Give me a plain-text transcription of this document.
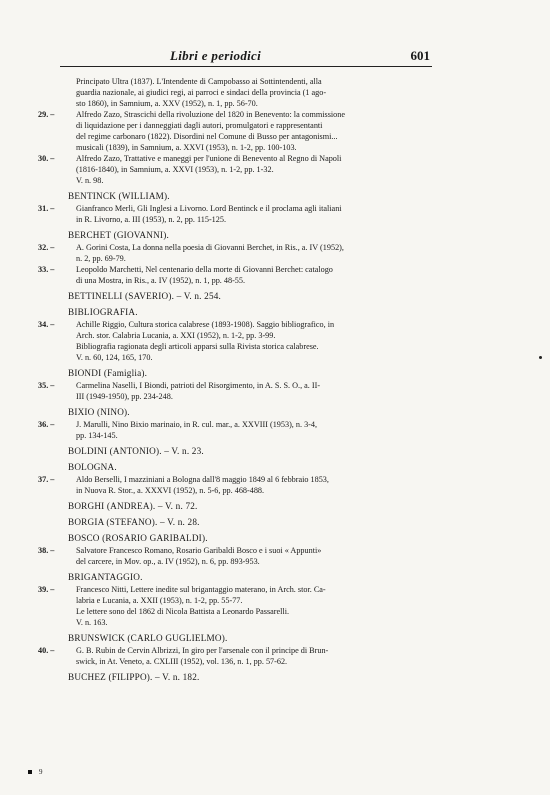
Libri e periodici	601
Principato Ultra (1837). L'Intendente di Campobasso ai Sottintendenti, alla
guardia nazionale, ai giudici regi, ai parroci e sindaci della provincia (1 ago-
sto 1860), in Samnium, a. XXV (1952), n. 1, pp. 56-70.
29. –	Alfredo Zazo, Strascichi della rivoluzione del 1820 in Benevento: la commissione
di liquidazione per i danneggiati dagli autori, promulgatori e rappresentanti
del regime carbonaro (1822). Disordini nel Comune di Busso per antagonismi...
musicali (1839), in Samnium, a. XXVI (1953), n. 1-2, pp. 100-103.
30. –	Alfredo Zazo, Trattative e maneggi per l'unione di Benevento al Regno di Napoli
(1816-1840), in Samnium, a. XXVI (1953), n. 1-2, pp. 1-32.
V. n. 98.
BENTINCK (WILLIAM).
31. –	Gianfranco Merli, Gli Inglesi a Livorno. Lord Bentinck e il proclama agli italiani
in R. Livorno, a. III (1953), n. 2, pp. 115-125.
BERCHET (GIOVANNI).
32. –	A. Gorini Costa, La donna nella poesia di Giovanni Berchet, in Ris., a. IV (1952),
n. 2, pp. 69-79.
33. –	Leopoldo Marchetti, Nel centenario della morte di Giovanni Berchet: catalogo
di una Mostra, in Ris., a. IV (1952), n. 1, pp. 48-55.
BETTINELLI (SAVERIO). – V. n. 254.
BIBLIOGRAFIA.
34. –	Achille Riggio, Cultura storica calabrese (1893-1908). Saggio bibliografico, in
Arch. stor. Calabria Lucania, a. XXI (1952), n. 1-2, pp. 3-99.
Bibliografia ragionata degli articoli apparsi sulla Rivista storica calabrese.
V. n. 60, 124, 165, 170.
BIONDI (Famiglia).
35. –	Carmelina Naselli, I Biondi, patrioti del Risorgimento, in A. S. S. O., a. II-
III (1949-1950), pp. 234-248.
BIXIO (NINO).
36. –	J. Marulli, Nino Bixio marinaio, in R. cul. mar., a. XXVIII (1953), n. 3-4,
pp. 134-145.
BOLDINI (ANTONIO). – V. n. 23.
BOLOGNA.
37. –	Aldo Berselli, I mazziniani a Bologna dall'8 maggio 1849 al 6 febbraio 1853,
in Nuova R. Stor., a. XXXVI (1952), n. 5-6, pp. 468-488.
BORGHI (ANDREA). – V. n. 72.
BORGIA (STEFANO). – V. n. 28.
BOSCO (ROSARIO GARIBALDI).
38. –	Salvatore Francesco Romano, Rosario Garibaldi Bosco e i suoi « Appunti»
del carcere, in Mov. op., a. IV (1952), n. 6, pp. 893-953.
BRIGANTAGGIO.
39. –	Francesco Nitti, Lettere inedite sul brigantaggio materano, in Arch. stor. Ca-
labria e Lucania, a. XXII (1953), n. 1-2, pp. 55-77.
Le lettere sono del 1862 di Nicola Battista a Leonardo Passarelli.
V. n. 163.
BRUNSWICK (CARLO GUGLIELMO).
40. –	G. B. Rubin de Cervin Albrizzi, In giro per l'arsenale con il principe di Brun-
swick, in At. Veneto, a. CXLIII (1952), vol. 136, n. 1, pp. 57-62.
BUCHEZ (FILIPPO). – V. n. 182.
9
